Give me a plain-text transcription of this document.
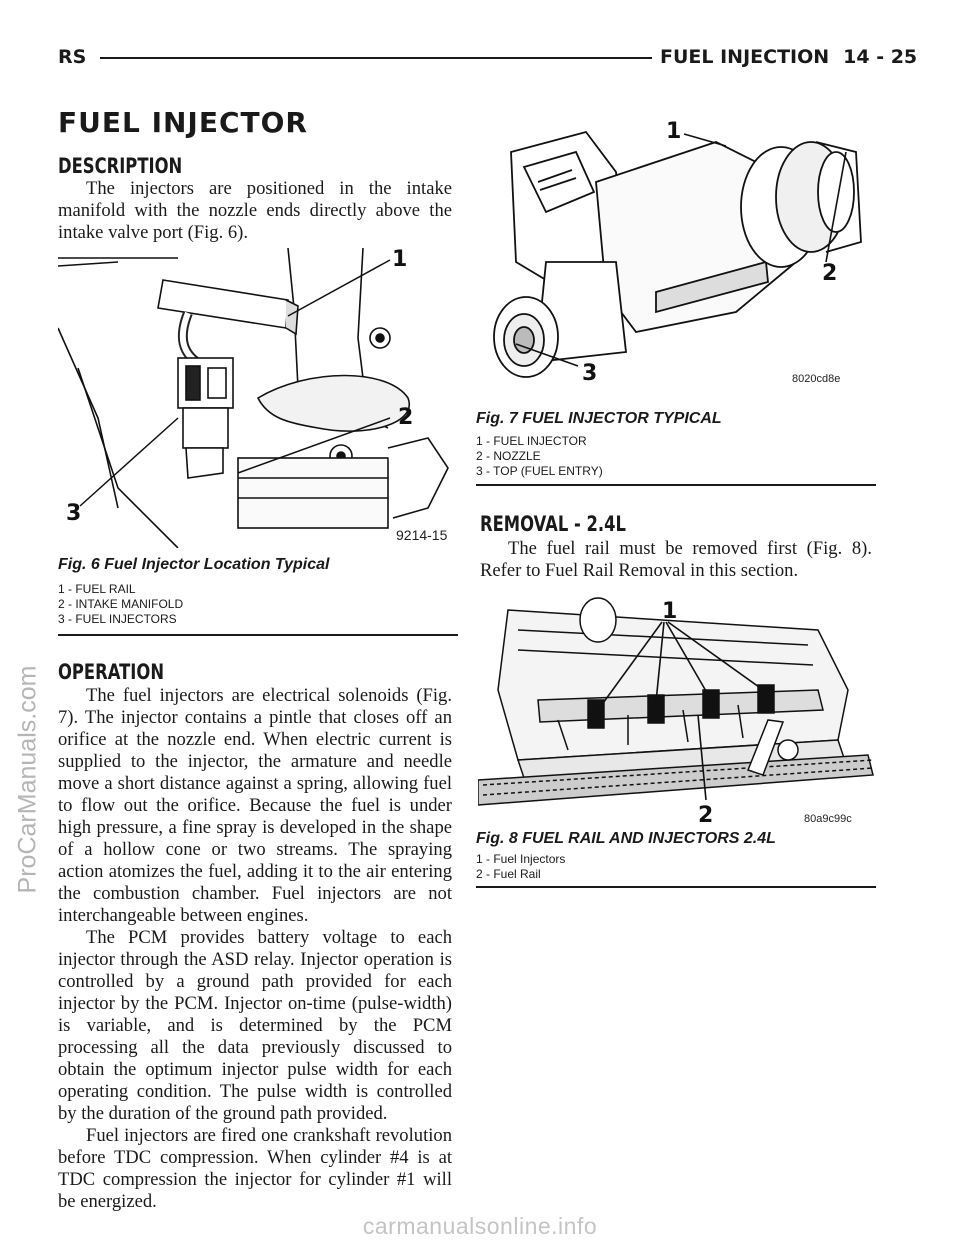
RS	FUEL INJECTION 14 - 25
ProCarManuals.com
carmanualsonline.info
FUEL INJECTOR
DESCRIPTION

The injectors are positioned in the intake manifold with the nozzle ends directly above the intake valve port (Fig. 6).

1
2
3
9214-15
Fig. 6 Fuel Injector Location Typical
1 - FUEL RAIL
2 - INTAKE MANIFOLD
3 - FUEL INJECTORS
OPERATION

The fuel injectors are electrical solenoids (Fig. 7). The injector contains a pintle that closes off an orifice at the nozzle end. When electric current is supplied to the injector, the armature and needle move a short distance against a spring, allowing fuel to flow out the orifice. Because the fuel is under high pressure, a fine spray is developed in the shape of a hollow cone or two streams. The spraying action atomizes the fuel, adding it to the air entering the combustion chamber. Fuel injectors are not interchangeable between engines.

The PCM provides battery voltage to each injector through the ASD relay. Injector operation is controlled by a ground path provided for each injector by the PCM. Injector on-time (pulse-width) is variable, and is determined by the PCM processing all the data previously discussed to obtain the optimum injector pulse width for each operating condition. The pulse width is controlled by the duration of the ground path provided.

Fuel injectors are fired one crankshaft revolution before TDC compression. When cylinder #4 is at TDC compression the injector for cylinder #1 will be energized.

1
2
3	8020cd8e
Fig. 7 FUEL INJECTOR TYPICAL
1 - FUEL INJECTOR
2 - NOZZLE
3 - TOP (FUEL ENTRY)
REMOVAL - 2.4L

The fuel rail must be removed first (Fig. 8). Refer to Fuel Rail Removal in this section.

1
2	80a9c99c
Fig. 8 FUEL RAIL AND INJECTORS 2.4L
1 - Fuel Injectors
2 - Fuel Rail
